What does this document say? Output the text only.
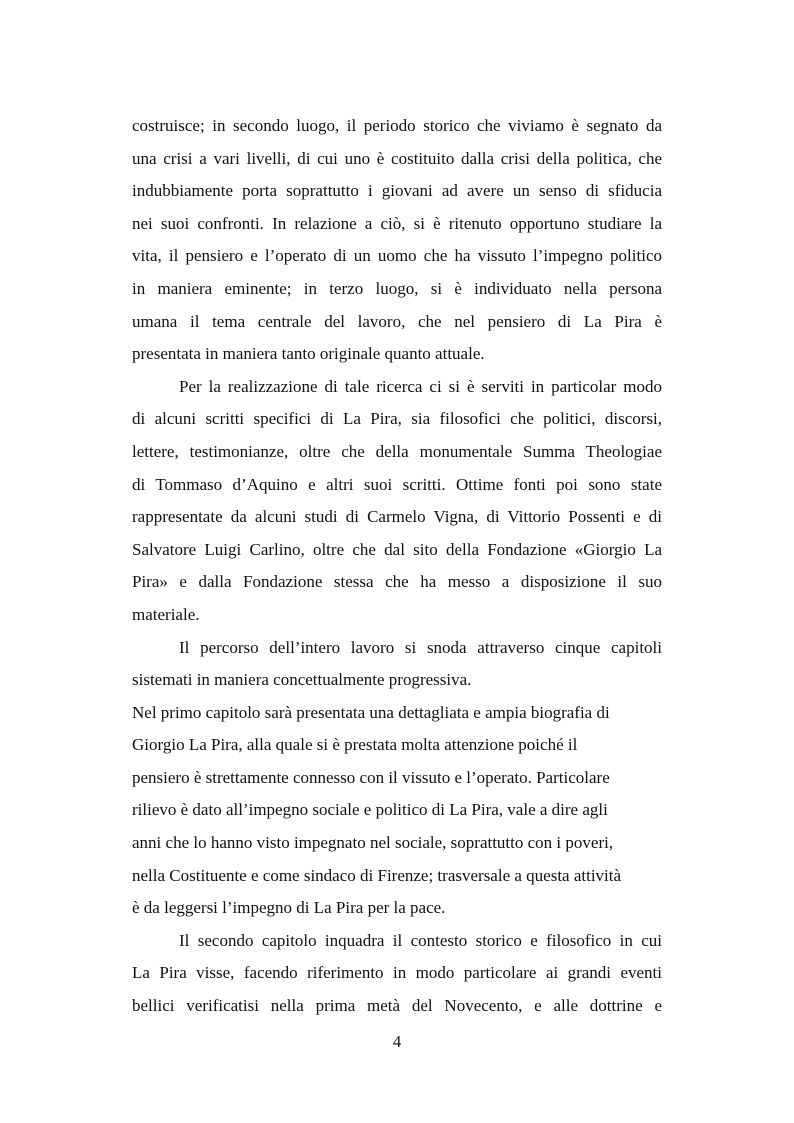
costruisce; in secondo luogo, il periodo storico che viviamo è segnato da
una crisi a vari livelli, di cui uno è costituito dalla crisi della politica, che
indubbiamente porta soprattutto i giovani ad avere un senso di sfiducia
nei suoi confronti. In relazione a ciò, si è ritenuto opportuno studiare la
vita, il pensiero e l’operato di un uomo che ha vissuto l’impegno politico
in maniera eminente; in terzo luogo, si è individuato nella persona
umana il tema centrale del lavoro, che nel pensiero di La Pira è
presentata in maniera tanto originale quanto attuale.
Per la realizzazione di tale ricerca ci si è serviti in particolar modo
di alcuni scritti specifici di La Pira, sia filosofici che politici, discorsi,
lettere, testimonianze, oltre che della monumentale Summa Theologiae
di Tommaso d’Aquino e altri suoi scritti. Ottime fonti poi sono state
rappresentate da alcuni studi di Carmelo Vigna, di Vittorio Possenti e di
Salvatore Luigi Carlino, oltre che dal sito della Fondazione «Giorgio La
Pira» e dalla Fondazione stessa che ha messo a disposizione il suo
materiale.
Il percorso dell’intero lavoro si snoda attraverso cinque capitoli
sistemati in maniera concettualmente progressiva.
Nel primo capitolo sarà presentata una dettagliata e ampia biografia di
Giorgio La Pira, alla quale si è prestata molta attenzione poiché il
pensiero è strettamente connesso con il vissuto e l’operato. Particolare
rilievo è dato all’impegno sociale e politico di La Pira, vale a dire agli
anni che lo hanno visto impegnato nel sociale, soprattutto con i poveri,
nella Costituente e come sindaco di Firenze; trasversale a questa attività
è da leggersi l’impegno di La Pira per la pace.
Il secondo capitolo inquadra il contesto storico e filosofico in cui
La Pira visse, facendo riferimento in modo particolare ai grandi eventi
bellici verificatisi nella prima metà del Novecento, e alle dottrine e
4
